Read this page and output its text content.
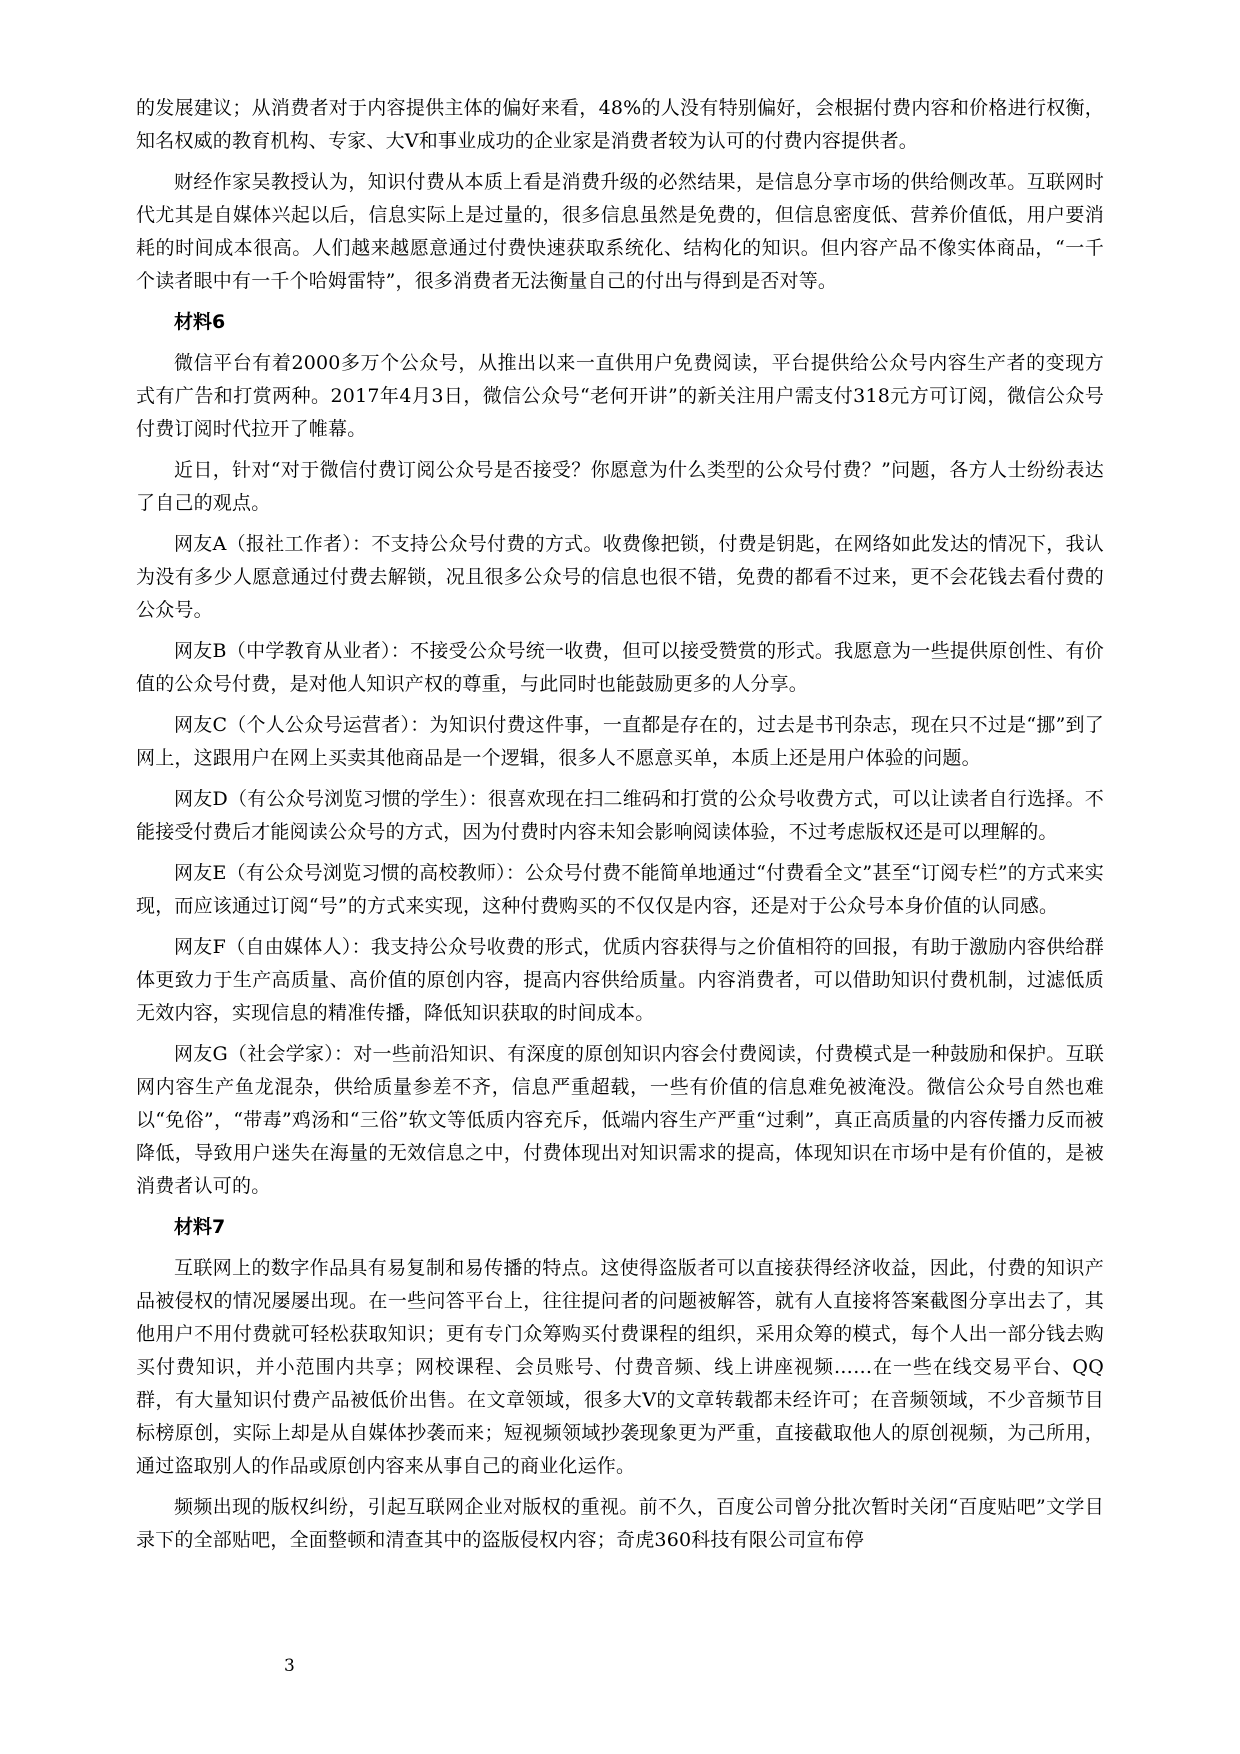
的发展建议；从消费者对于内容提供主体的偏好来看，48%的人没有特别偏好，会根据付费内容和价格进行权衡，知名权威的教育机构、专家、大V和事业成功的企业家是消费者较为认可的付费内容提供者。

财经作家吴教授认为，知识付费从本质上看是消费升级的必然结果，是信息分享市场的供给侧改革。互联网时代尤其是自媒体兴起以后，信息实际上是过量的，很多信息虽然是免费的，但信息密度低、营养价值低，用户要消耗的时间成本很高。人们越来越愿意通过付费快速获取系统化、结构化的知识。但内容产品不像实体商品，“一千个读者眼中有一千个哈姆雷特”，很多消费者无法衡量自己的付出与得到是否对等。

材料6

微信平台有着2000多万个公众号，从推出以来一直供用户免费阅读，平台提供给公众号内容生产者的变现方式有广告和打赏两种。2017年4月3日，微信公众号“老何开讲”的新关注用户需支付318元方可订阅，微信公众号付费订阅时代拉开了帷幕。

近日，针对“对于微信付费订阅公众号是否接受？你愿意为什么类型的公众号付费？”问题，各方人士纷纷表达了自己的观点。

网友A（报社工作者）：不支持公众号付费的方式。收费像把锁，付费是钥匙，在网络如此发达的情况下，我认为没有多少人愿意通过付费去解锁，况且很多公众号的信息也很不错，免费的都看不过来，更不会花钱去看付费的公众号。

网友B（中学教育从业者）：不接受公众号统一收费，但可以接受赞赏的形式。我愿意为一些提供原创性、有价值的公众号付费，是对他人知识产权的尊重，与此同时也能鼓励更多的人分享。

网友C（个人公众号运营者）：为知识付费这件事，一直都是存在的，过去是书刊杂志，现在只不过是“挪”到了网上，这跟用户在网上买卖其他商品是一个逻辑，很多人不愿意买单，本质上还是用户体验的问题。

网友D（有公众号浏览习惯的学生）：很喜欢现在扫二维码和打赏的公众号收费方式，可以让读者自行选择。不能接受付费后才能阅读公众号的方式，因为付费时内容未知会影响阅读体验，不过考虑版权还是可以理解的。

网友E（有公众号浏览习惯的高校教师）：公众号付费不能简单地通过“付费看全文”甚至“订阅专栏”的方式来实现，而应该通过订阅“号”的方式来实现，这种付费购买的不仅仅是内容，还是对于公众号本身价值的认同感。

网友F（自由媒体人）：我支持公众号收费的形式，优质内容获得与之价值相符的回报，有助于激励内容供给群体更致力于生产高质量、高价值的原创内容，提高内容供给质量。内容消费者，可以借助知识付费机制，过滤低质无效内容，实现信息的精准传播，降低知识获取的时间成本。

网友G（社会学家）：对一些前沿知识、有深度的原创知识内容会付费阅读，付费模式是一种鼓励和保护。互联网内容生产鱼龙混杂，供给质量参差不齐，信息严重超载，一些有价值的信息难免被淹没。微信公众号自然也难以“免俗”，“带毒”鸡汤和“三俗”软文等低质内容充斥，低端内容生产严重“过剩”，真正高质量的内容传播力反而被降低，导致用户迷失在海量的无效信息之中，付费体现出对知识需求的提高，体现知识在市场中是有价值的，是被消费者认可的。

材料7

互联网上的数字作品具有易复制和易传播的特点。这使得盗版者可以直接获得经济收益，因此，付费的知识产品被侵权的情况屡屡出现。在一些问答平台上，往往提问者的问题被解答，就有人直接将答案截图分享出去了，其他用户不用付费就可轻松获取知识；更有专门众筹购买付费课程的组织，采用众筹的模式，每个人出一部分钱去购买付费知识，并小范围内共享；网校课程、会员账号、付费音频、线上讲座视频……在一些在线交易平台、QQ群，有大量知识付费产品被低价出售。在文章领域，很多大V的文章转载都未经许可；在音频领域，不少音频节目标榜原创，实际上却是从自媒体抄袭而来；短视频领域抄袭现象更为严重，直接截取他人的原创视频，为己所用，通过盗取别人的作品或原创内容来从事自己的商业化运作。

频频出现的版权纠纷，引起互联网企业对版权的重视。前不久，百度公司曾分批次暂时关闭“百度贴吧”文学目录下的全部贴吧，全面整顿和清查其中的盗版侵权内容；奇虎360科技有限公司宣布停

3
